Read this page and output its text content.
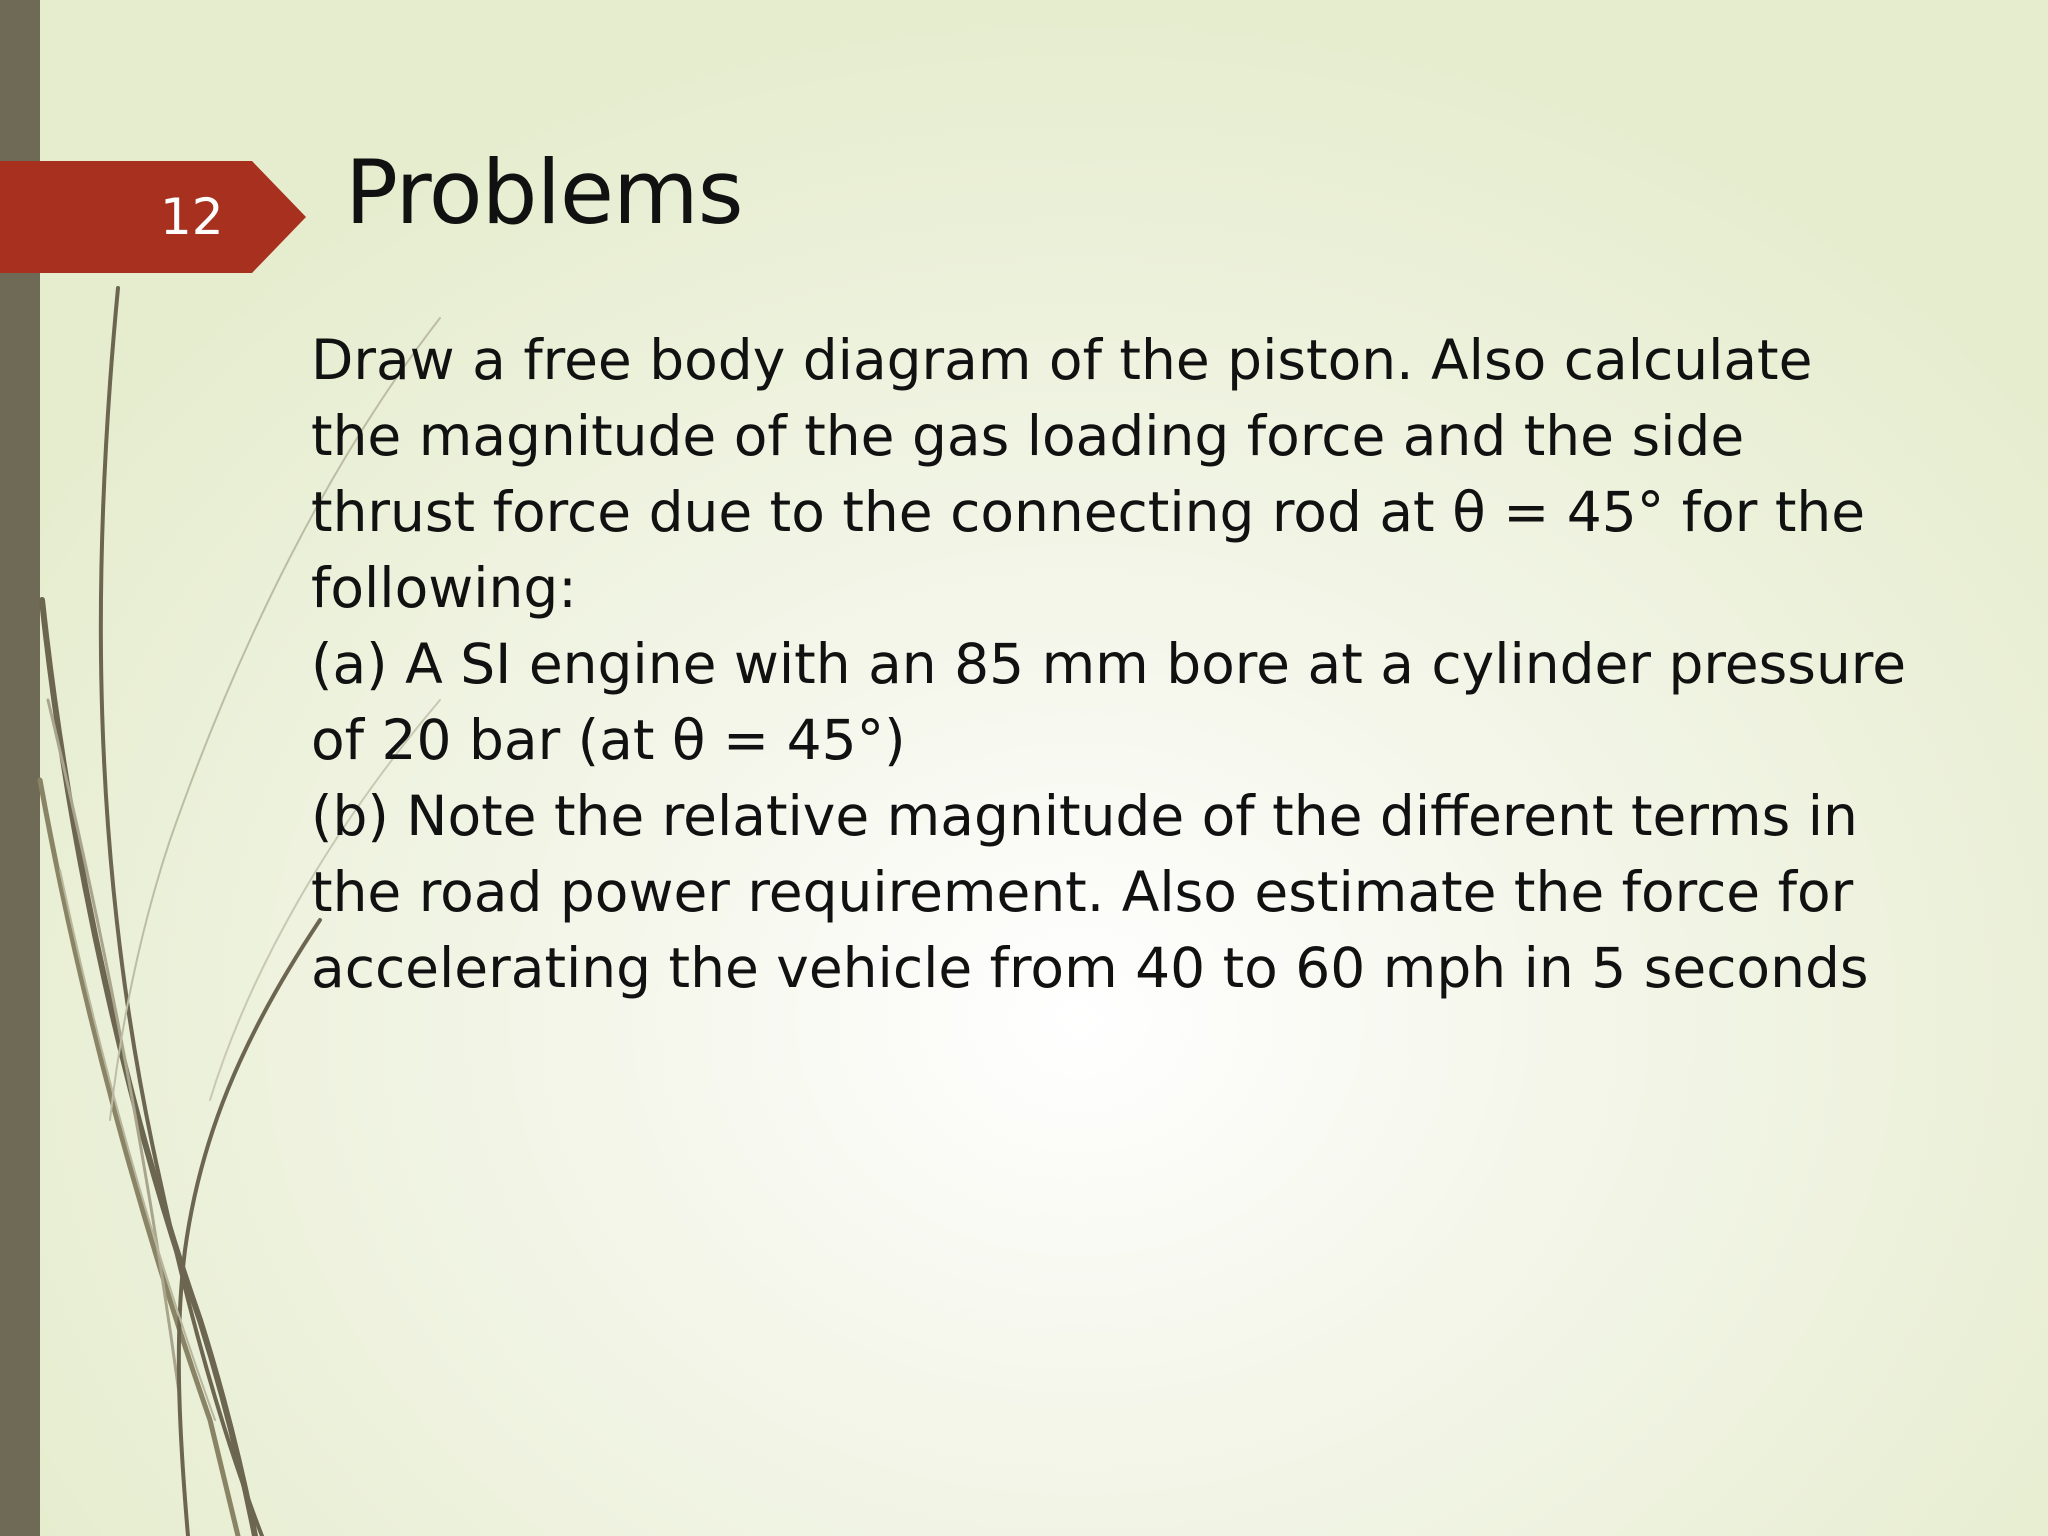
12 Problems
Draw a free body diagram of the piston. Also calculate
the magnitude of the gas loading force and the side
thrust force due to the connecting rod at θ = 45° for the
following:
(a) A SI engine with an 85 mm bore at a cylinder pressure
of 20 bar (at θ = 45°)
(b) Note the relative magnitude of the different terms in
the road power requirement. Also estimate the force for
accelerating the vehicle from 40 to 60 mph in 5 seconds
